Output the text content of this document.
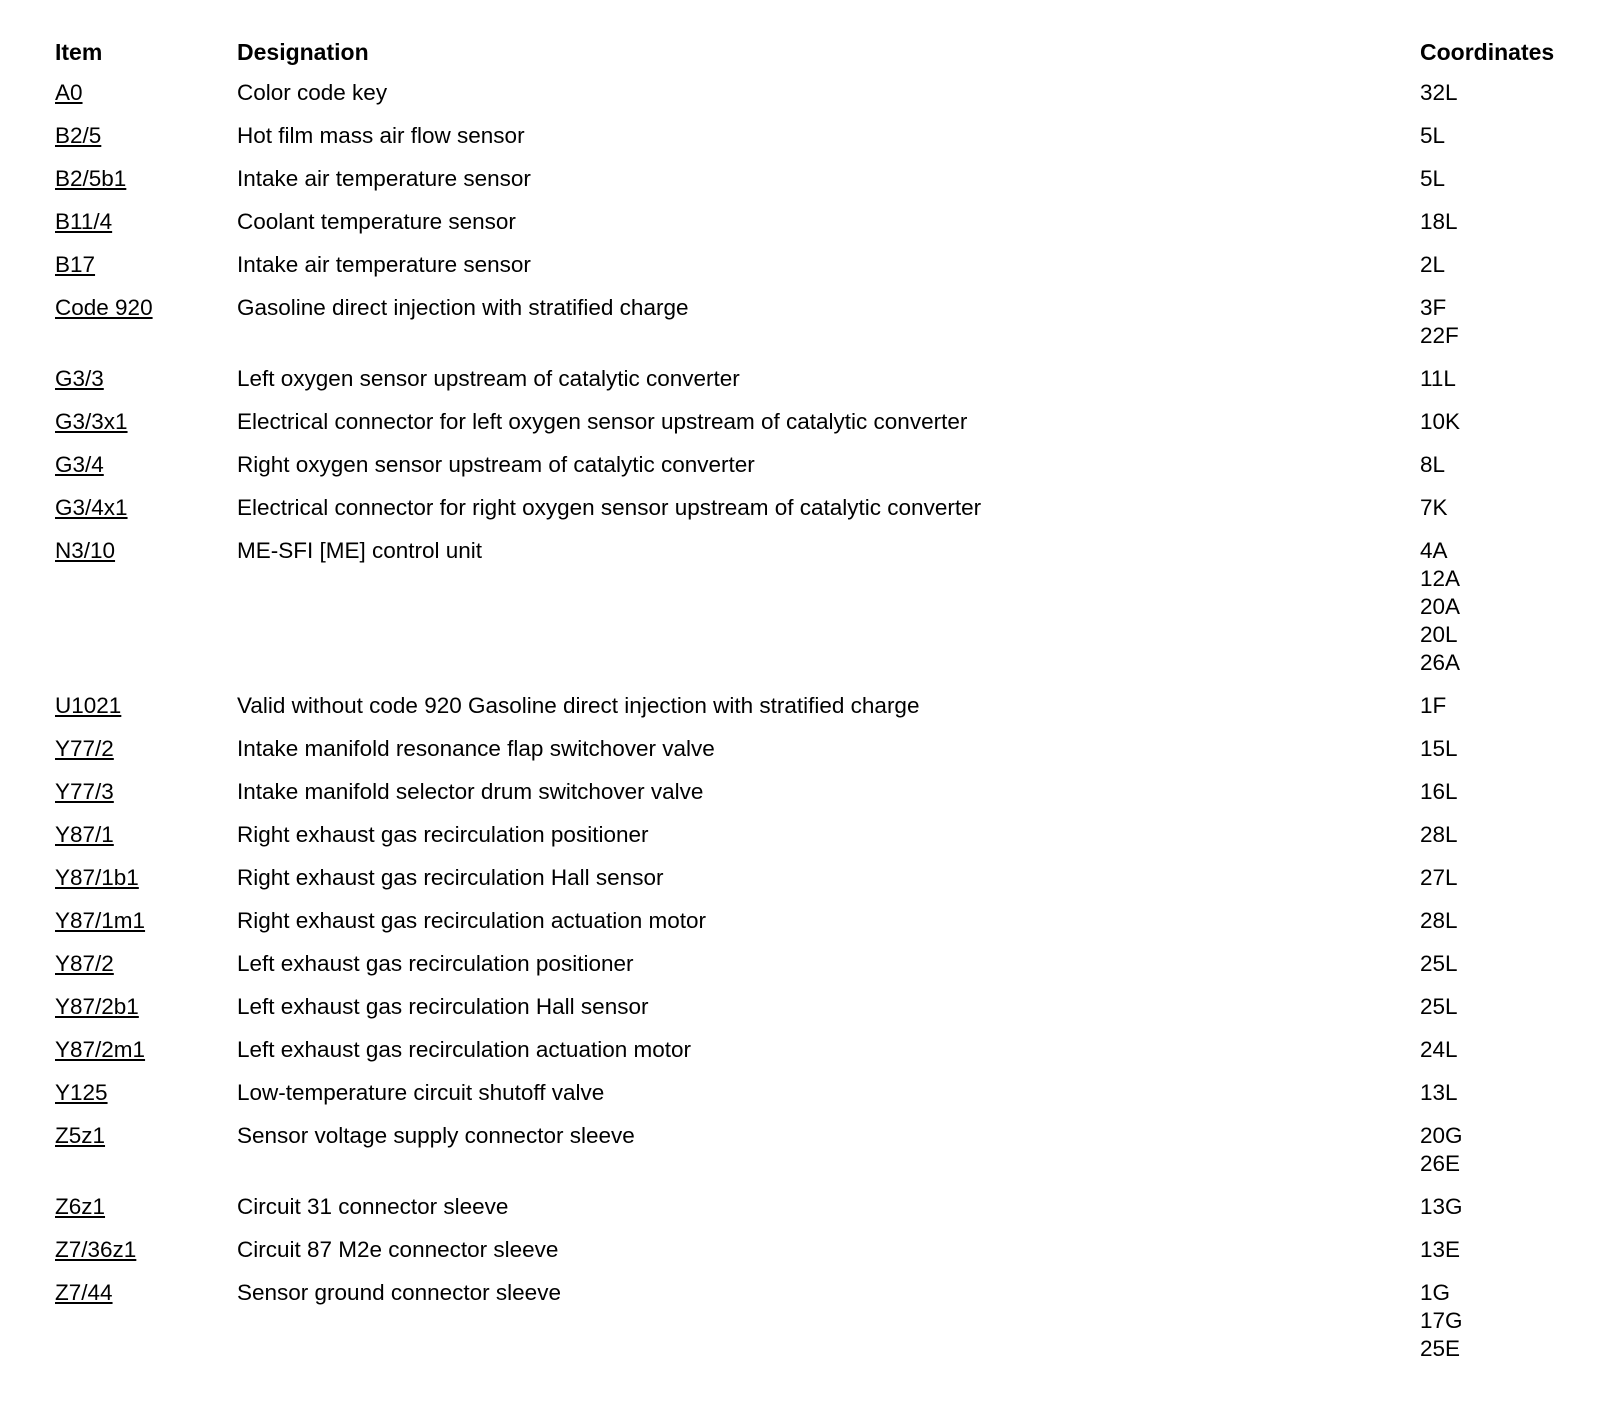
Item	Designation	Coordinates
A0	Color code key	32L
B2/5	Hot film mass air flow sensor	5L
B2/5b1	Intake air temperature sensor	5L
B11/4	Coolant temperature sensor	18L
B17	Intake air temperature sensor	2L
Code 920	Gasoline direct injection with stratified charge	3F
22F
G3/3	Left oxygen sensor upstream of catalytic converter	11L
G3/3x1	Electrical connector for left oxygen sensor upstream of catalytic converter	10K
G3/4	Right oxygen sensor upstream of catalytic converter	8L
G3/4x1	Electrical connector for right oxygen sensor upstream of catalytic converter	7K
N3/10	ME-SFI [ME] control unit	4A
12A
20A
20L
26A
U1021	Valid without code 920 Gasoline direct injection with stratified charge	1F
Y77/2	Intake manifold resonance flap switchover valve	15L
Y77/3	Intake manifold selector drum switchover valve	16L
Y87/1	Right exhaust gas recirculation positioner	28L
Y87/1b1	Right exhaust gas recirculation Hall sensor	27L
Y87/1m1	Right exhaust gas recirculation actuation motor	28L
Y87/2	Left exhaust gas recirculation positioner	25L
Y87/2b1	Left exhaust gas recirculation Hall sensor	25L
Y87/2m1	Left exhaust gas recirculation actuation motor	24L
Y125	Low-temperature circuit shutoff valve	13L
Z5z1	Sensor voltage supply connector sleeve	20G
26E
Z6z1	Circuit 31 connector sleeve	13G
Z7/36z1	Circuit 87 M2e connector sleeve	13E
Z7/44	Sensor ground connector sleeve	1G
17G
25E
